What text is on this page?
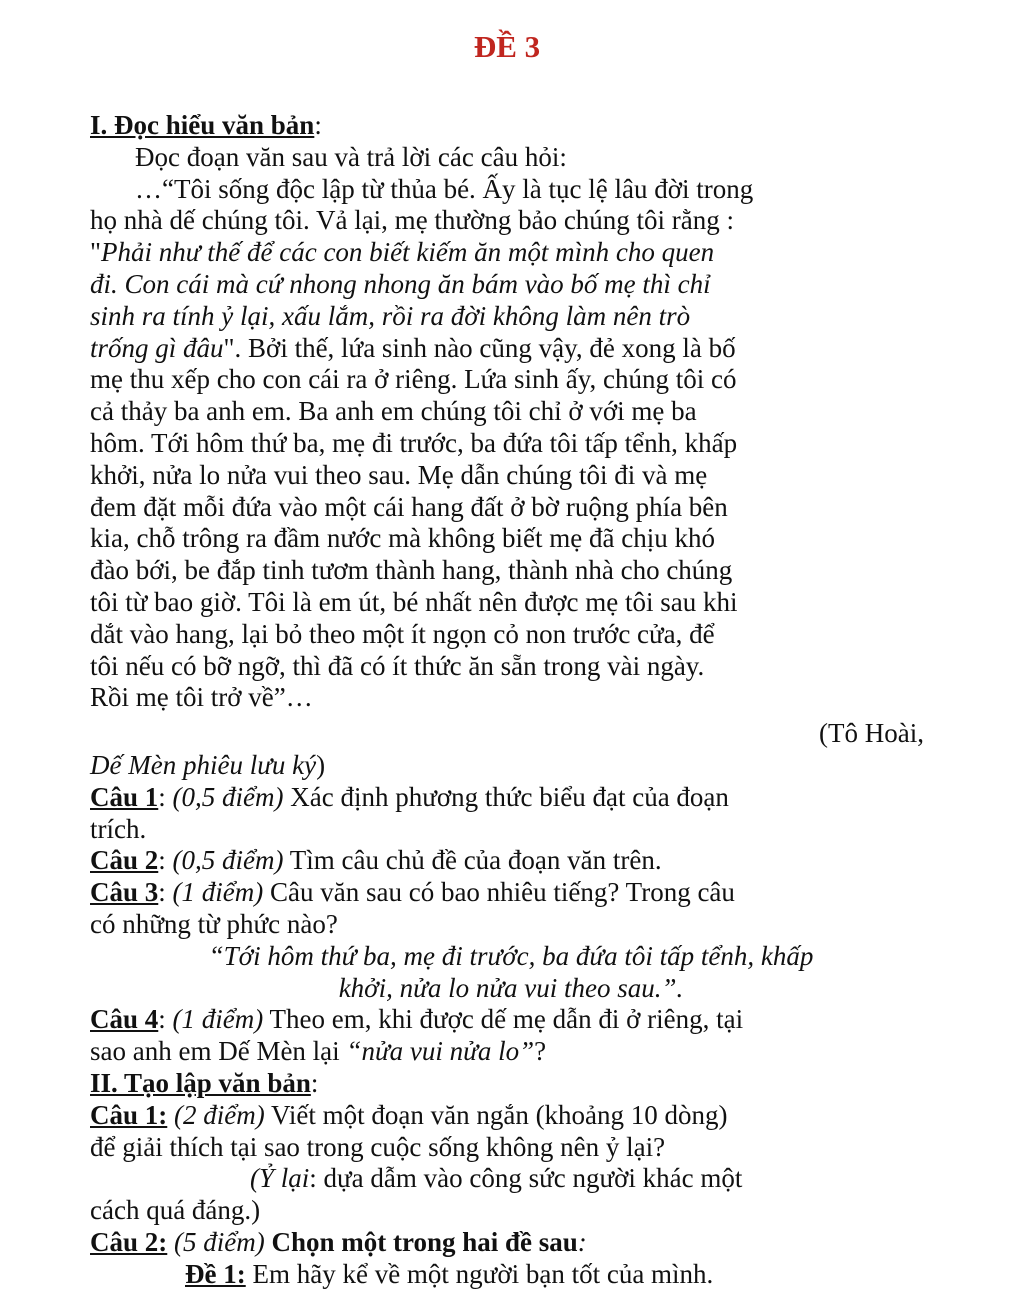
ĐỀ 3
I. Đọc hiểu văn bản:
Đọc đoạn văn sau và trả lời các câu hỏi:
…“Tôi sống độc lập từ thủa bé. Ấy là tục lệ lâu đời trong
họ nhà dế chúng tôi. Vả lại, mẹ thường bảo chúng tôi rằng :
"Phải như thế để các con biết kiếm ăn một mình cho quen
đi. Con cái mà cứ nhong nhong ăn bám vào bố mẹ thì chỉ
sinh ra tính ỷ lại, xấu lắm, rồi ra đời không làm nên trò
trống gì đâu". Bởi thế, lứa sinh nào cũng vậy, đẻ xong là bố
mẹ thu xếp cho con cái ra ở riêng. Lứa sinh ấy, chúng tôi có
cả thảy ba anh em. Ba anh em chúng tôi chỉ ở với mẹ ba
hôm. Tới hôm thứ ba, mẹ đi trước, ba đứa tôi tấp tểnh, khấp
khởi, nửa lo nửa vui theo sau. Mẹ dẫn chúng tôi đi và mẹ
đem đặt mỗi đứa vào một cái hang đất ở bờ ruộng phía bên
kia, chỗ trông ra đầm nước mà không biết mẹ đã chịu khó
đào bới, be đắp tinh tươm thành hang, thành nhà cho chúng
tôi từ bao giờ. Tôi là em út, bé nhất nên được mẹ tôi sau khi
dắt vào hang, lại bỏ theo một ít ngọn cỏ non trước cửa, để
tôi nếu có bỡ ngỡ, thì đã có ít thức ăn sẵn trong vài ngày.
Rồi mẹ tôi trở về”…
(Tô Hoài,
Dế Mèn phiêu lưu ký)
Câu 1: (0,5 điểm) Xác định phương thức biểu đạt của đoạn
trích.
Câu 2: (0,5 điểm) Tìm câu chủ đề của đoạn văn trên.
Câu 3: (1 điểm) Câu văn sau có bao nhiêu tiếng? Trong câu
có những từ phức nào?
“Tới hôm thứ ba, mẹ đi trước, ba đứa tôi tấp tểnh, khấp
khởi, nửa lo nửa vui theo sau.”.
Câu 4: (1 điểm) Theo em, khi được dế mẹ dẫn đi ở riêng, tại
sao anh em Dế Mèn lại “nửa vui nửa lo”?
II. Tạo lập văn bản:
Câu 1: (2 điểm) Viết một đoạn văn ngắn (khoảng 10 dòng)
để giải thích tại sao trong cuộc sống không nên ỷ lại?
(Ỷ lại: dựa dẫm vào công sức người khác một
cách quá đáng.)
Câu 2: (5 điểm) Chọn một trong hai đề sau:
Đề 1: Em hãy kể về một người bạn tốt của mình.
